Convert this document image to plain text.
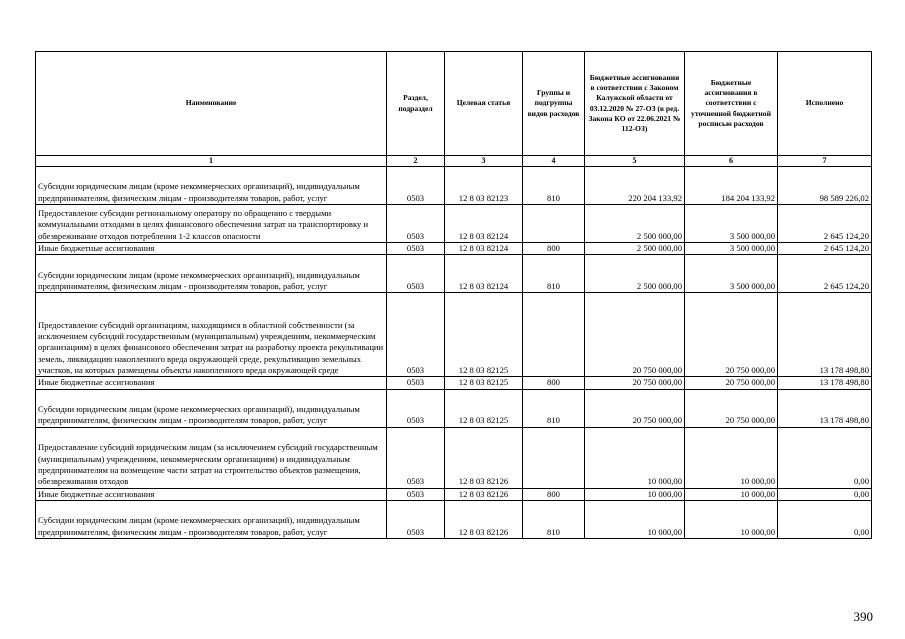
Наименование	Раздел, подраздел	Целевая статья	Группы и подгруппы видов расходов	Бюджетные ассигнования в соответствии с Законом Калужской области от 03.12.2020 № 27-ОЗ (в ред. Закона КО от 22.06.2021 № 112-ОЗ)	Бюджетные ассигнования в соответствии с уточненной бюджетной росписью расходов	Исполнено
1	2	3	4	5	6	7
Субсидии юридическим лицам (кроме некоммерческих организаций), индивидуальным предпринимателям, физическим лицам - производителям товаров, работ, услуг	0503	12 8 03 82123	810	220 204 133,92	184 204 133,92	98 589 226,02
Предоставление субсидии региональному оператору по обращению с твердыми коммунальными отходами в целях финансового обеспечения затрат на транспортировку и обезвреживание отходов потребления 1-2 классов опасности	0503	12 8 03 82124		2 500 000,00	3 500 000,00	2 645 124,20
Иные бюджетные ассигнования	0503	12 8 03 82124	800	2 500 000,00	3 500 000,00	2 645 124,20
Субсидии юридическим лицам (кроме некоммерческих организаций), индивидуальным предпринимателям, физическим лицам - производителям товаров, работ, услуг	0503	12 8 03 82124	810	2 500 000,00	3 500 000,00	2 645 124,20
Предоставление субсидий организациям, находящимся в областной собственности (за исключением субсидий государственным (муниципальным) учреждениям, некоммерческим организациям) в целях финансового обеспечения затрат на разработку проекта рекультивации земель, ликвидацию накопленного вреда окружающей среде, рекультивацию земельных участков, на которых размещены объекты накопленного вреда окружающей среде	0503	12 8 03 82125		20 750 000,00	20 750 000,00	13 178 498,80
Иные бюджетные ассигнования	0503	12 8 03 82125	800	20 750 000,00	20 750 000,00	13 178 498,80
Субсидии юридическим лицам (кроме некоммерческих организаций), индивидуальным предпринимателям, физическим лицам - производителям товаров, работ, услуг	0503	12 8 03 82125	810	20 750 000,00	20 750 000,00	13 178 498,80
Предоставление субсидий юридическим лицам (за исключением субсидий государственным (муниципальным) учреждениям, некоммерческим организациям) и индивидуальным предпринимателям на возмещение части затрат на строительство объектов размещения, обезвреживания отходов	0503	12 8 03 82126		10 000,00	10 000,00	0,00
Иные бюджетные ассигнования	0503	12 8 03 82126	800	10 000,00	10 000,00	0,00
Субсидии юридическим лицам (кроме некоммерческих организаций), индивидуальным предпринимателям, физическим лицам - производителям товаров, работ, услуг	0503	12 8 03 82126	810	10 000,00	10 000,00	0,00
390
